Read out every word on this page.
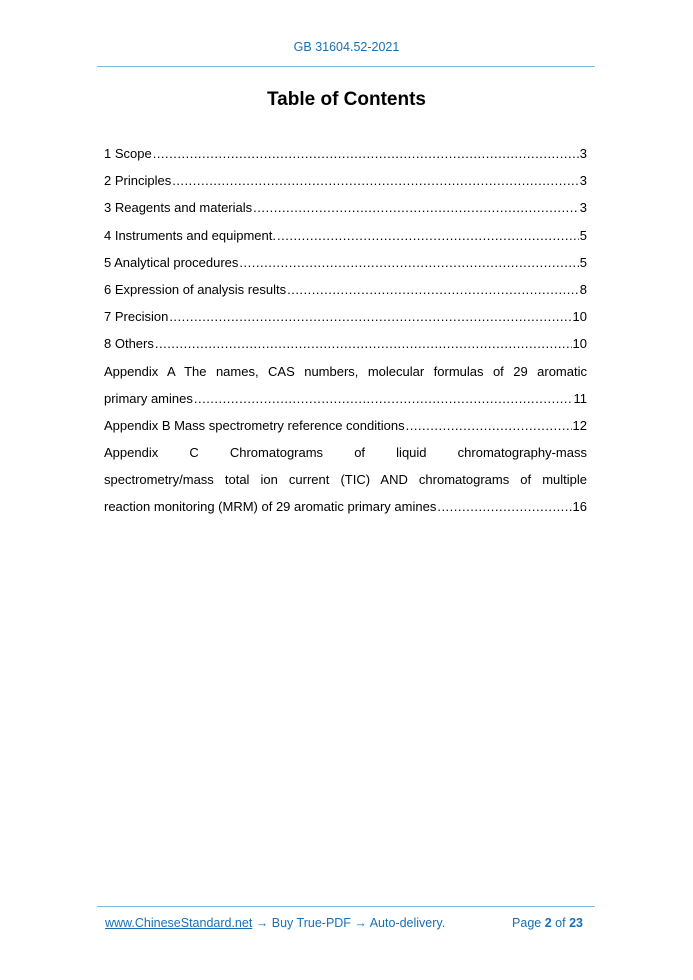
GB 31604.52-2021
Table of Contents
1 Scope .....	3
2 Principles .....	3
3 Reagents and materials .....	3
4 Instruments and equipment. .....	5
5 Analytical procedures .....	5
6 Expression of analysis results .....	8
7 Precision .....	10
8 Others .....	10
Appendix A The names, CAS numbers, molecular formulas of 29 aromatic
primary amines .....	11
Appendix B Mass spectrometry reference conditions .....	12
Appendix C Chromatograms of liquid chromatography-mass
spectrometry/mass total ion current (TIC) AND chromatograms of multiple
reaction monitoring (MRM) of 29 aromatic primary amines .....	16
www.ChineseStandard.net → Buy True-PDF → Auto-delivery.	Page 2 of 23
